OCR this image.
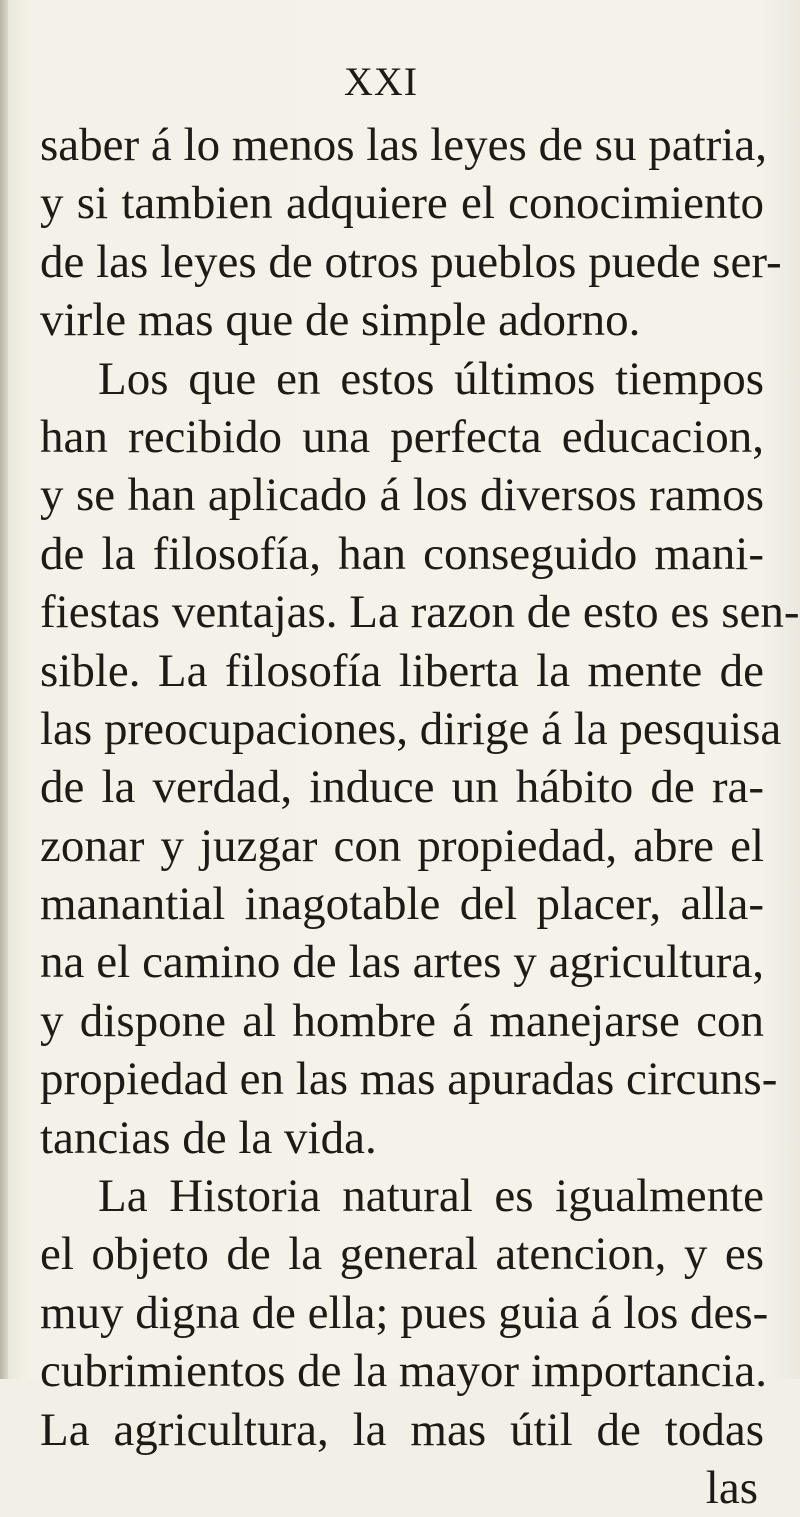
XXI
saber á lo menos las leyes de su patria,
y si tambien adquiere el conocimiento
de las leyes de otros pueblos puede ser-
virle mas que de simple adorno.
Los que en estos últimos tiempos
han recibido una perfecta educacion,
y se han aplicado á los diversos ramos
de la filosofía, han conseguido mani-
fiestas ventajas. La razon de esto es sen-
sible. La filosofía liberta la mente de
las preocupaciones, dirige á la pesquisa
de la verdad, induce un hábito de ra-
zonar y juzgar con propiedad, abre el
manantial inagotable del placer, alla-
na el camino de las artes y agricultura,
y dispone al hombre á manejarse con
propiedad en las mas apuradas circuns-
tancias de la vida.
La Historia natural es igualmente
el objeto de la general atencion, y es
muy digna de ella; pues guia á los des-
cubrimientos de la mayor importancia.
La agricultura, la mas útil de todas
las
